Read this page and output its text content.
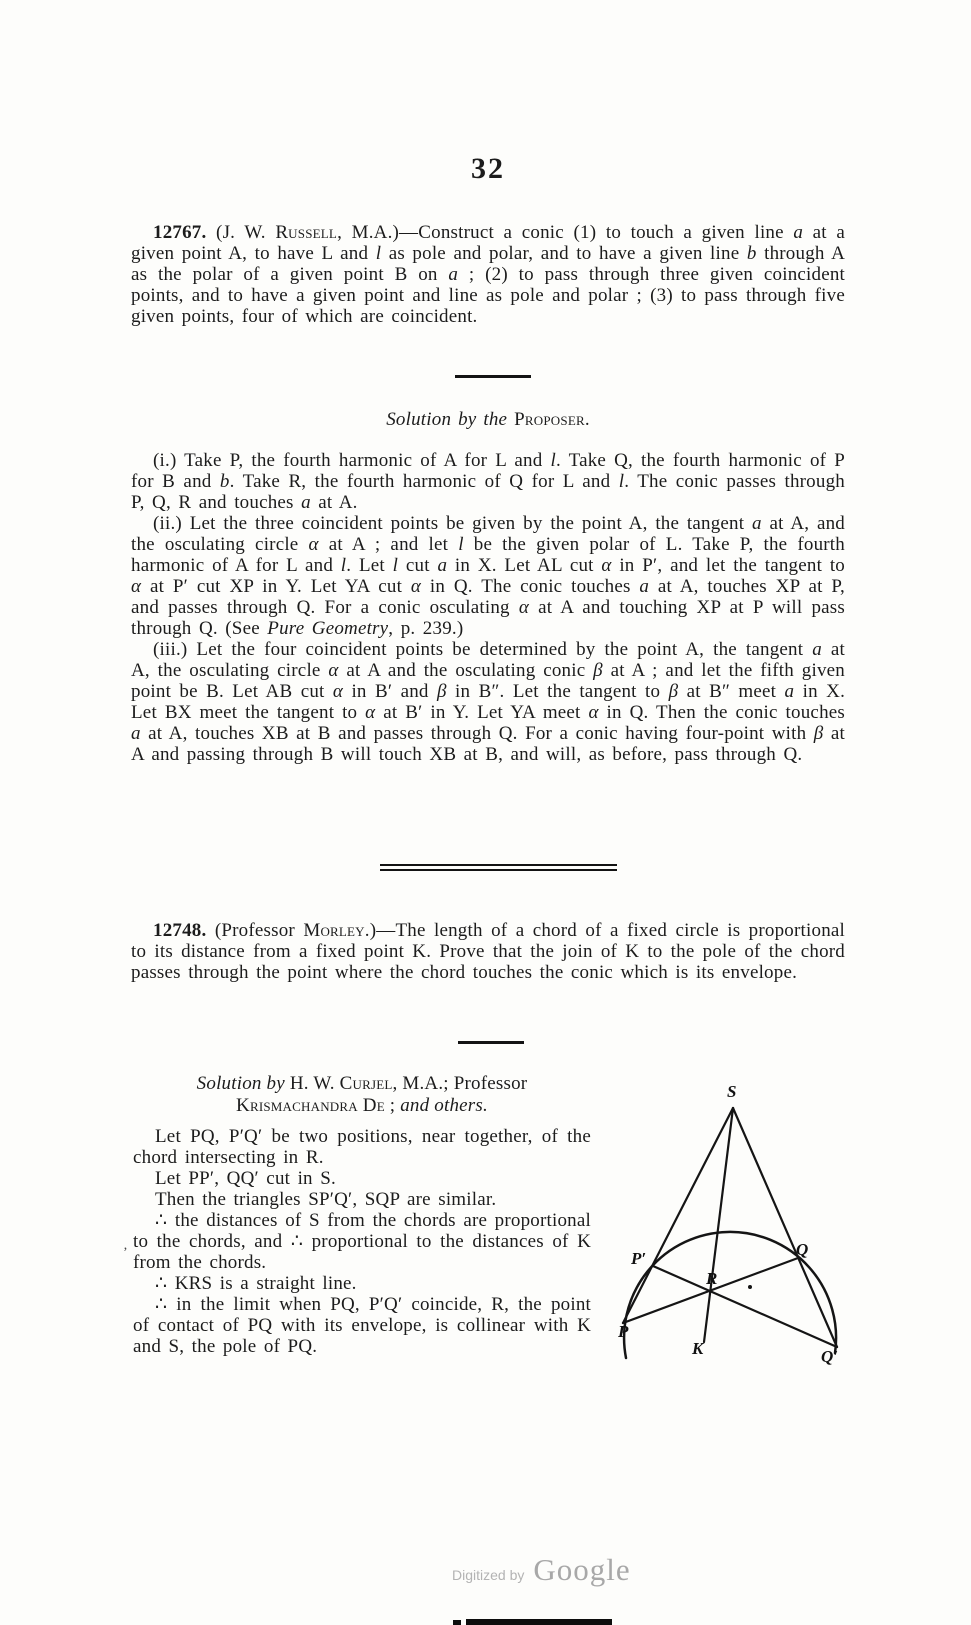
32

12767. (J. W. Russell, M.A.)—Construct a conic (1) to touch a given line a at a given point A, to have L and l as pole and polar, and to have a given line b through A as the polar of a given point B on a ; (2) to pass through three given coincident points, and to have a given point and line as pole and polar ; (3) to pass through five given points, four of which are coincident.

Solution by the Proposer.

(i.) Take P, the fourth harmonic of A for L and l. Take Q, the fourth harmonic of P for B and b. Take R, the fourth harmonic of Q for L and l. The conic passes through P, Q, R and touches a at A.

(ii.) Let the three coincident points be given by the point A, the tangent a at A, and the osculating circle α at A ; and let l be the given polar of L. Take P, the fourth harmonic of A for L and l. Let l cut a in X. Let AL cut α in P′, and let the tangent to α at P′ cut XP in Y. Let YA cut α in Q. The conic touches a at A, touches XP at P, and passes through Q. For a conic osculating α at A and touching XP at P will pass through Q. (See Pure Geometry, p. 239.)

(iii.) Let the four coincident points be determined by the point A, the tangent a at A, the osculating circle α at A and the osculating conic β at A ; and let the fifth given point be B. Let AB cut α in B′ and β in B″. Let the tangent to β at B″ meet a in X. Let BX meet the tangent to α at B′ in Y. Let YA meet α in Q. Then the conic touches a at A, touches XB at B and passes through Q. For a conic having four-point with β at A and passing through B will touch XB at B, and will, as before, pass through Q.

12748. (Professor Morley.)—The length of a chord of a fixed circle is proportional to its distance from a fixed point K. Prove that the join of K to the pole of the chord passes through the point where the chord touches the conic which is its envelope.

Solution by H. W. Curjel, M.A.; Professor
Krismachandra De ; and others.

Let PQ, P′Q′ be two positions, near together, of the chord intersecting in R.

Let PP′, QQ′ cut in S.

Then the triangles SP′Q′, SQP are similar.

∴ the distances of S from the chords are proportional to the chords, and ∴ proportional to the distances of K from the chords.

∴ KRS is a straight line.

∴ in the limit when PQ, P′Q′ coincide, R, the point of contact of PQ with its envelope, is collinear with K and S, the pole of PQ.

S
P′	Q
R
P
K	Q′
‚
Digitized by Google
